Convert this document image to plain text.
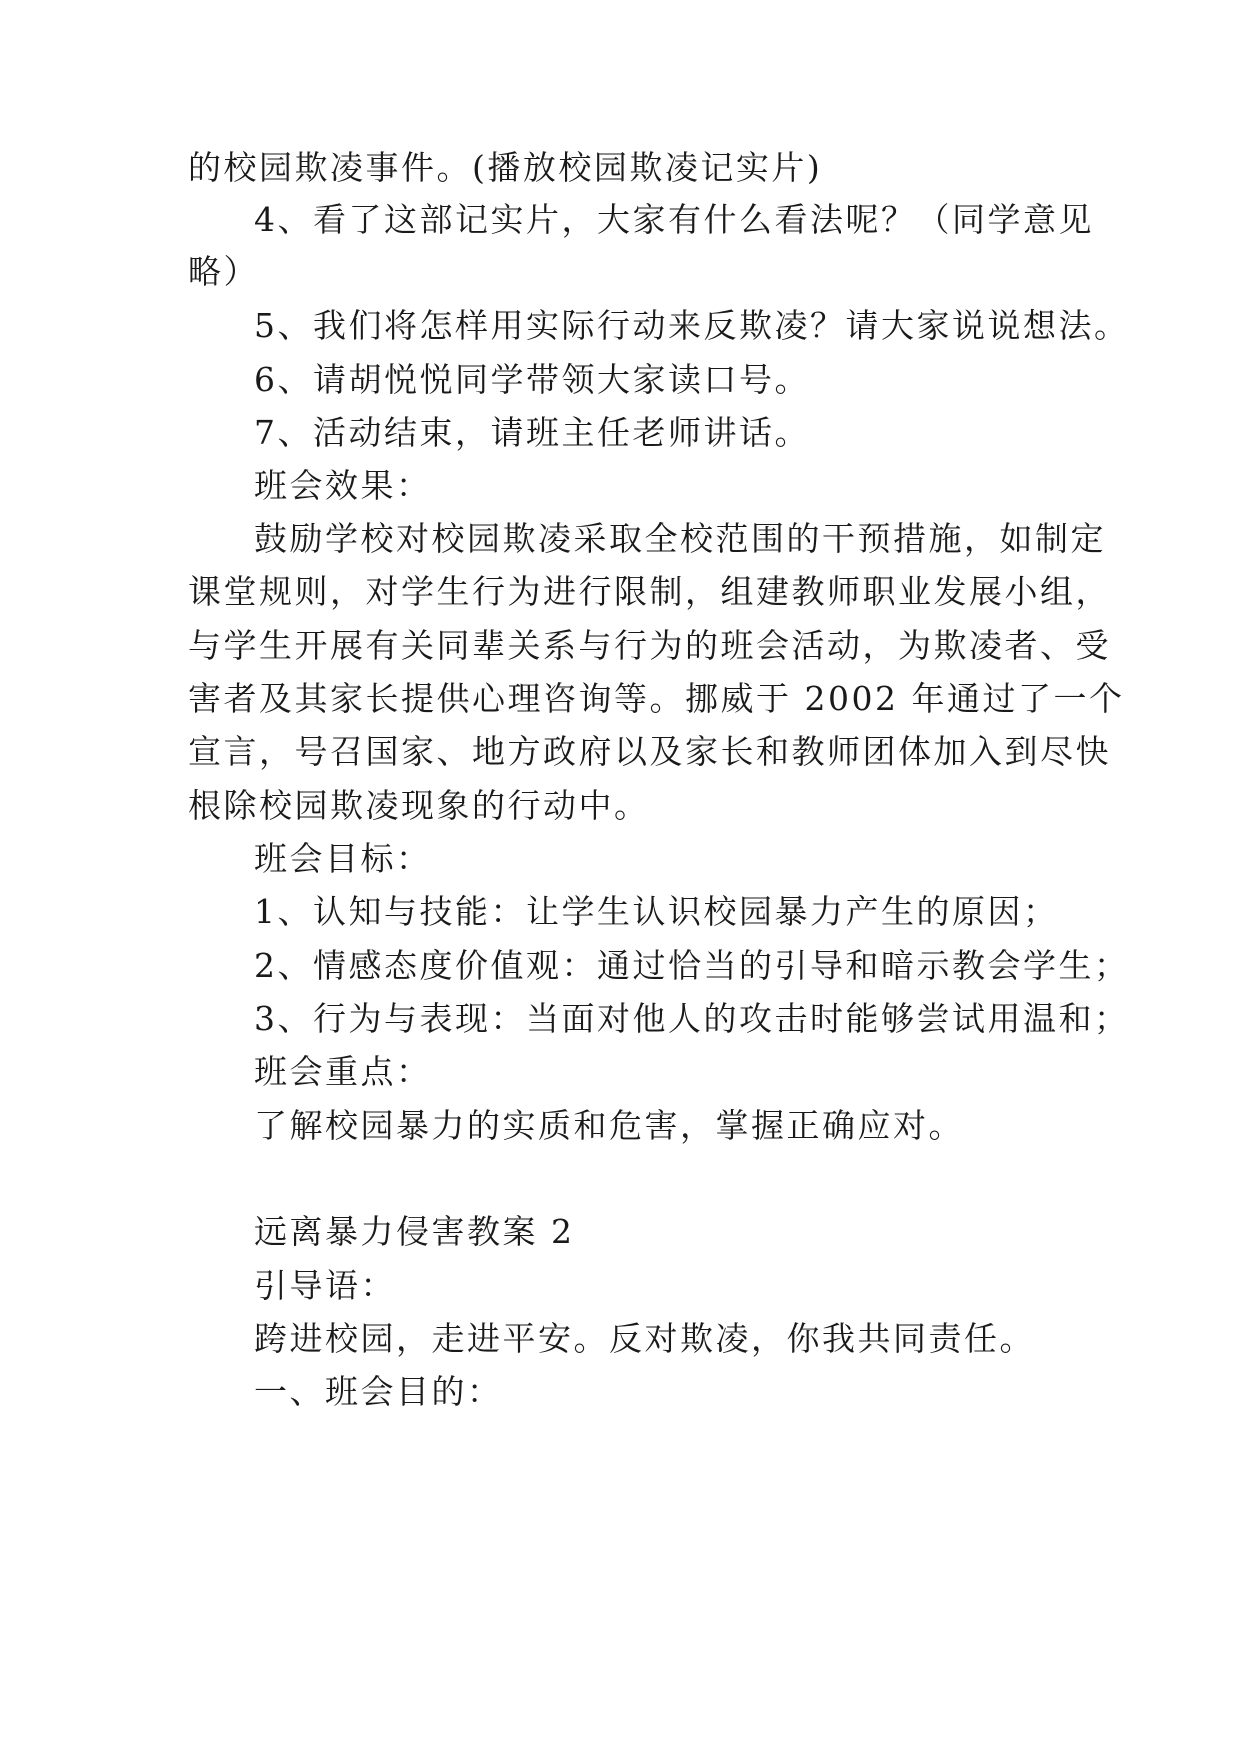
的校园欺凌事件。(播放校园欺凌记实片)
4、看了这部记实片，大家有什么看法呢？（同学意见
略）
5、我们将怎样用实际行动来反欺凌？请大家说说想法。
6、请胡悦悦同学带领大家读口号。
7、活动结束，请班主任老师讲话。
班会效果：
鼓励学校对校园欺凌采取全校范围的干预措施，如制定
课堂规则，对学生行为进行限制，组建教师职业发展小组，
与学生开展有关同辈关系与行为的班会活动，为欺凌者、受
害者及其家长提供心理咨询等。挪威于 2002 年通过了一个
宣言，号召国家、地方政府以及家长和教师团体加入到尽快
根除校园欺凌现象的行动中。
班会目标：
1、认知与技能：让学生认识校园暴力产生的原因；
2、情感态度价值观：通过恰当的引导和暗示教会学生；
3、行为与表现：当面对他人的攻击时能够尝试用温和；
班会重点：
了解校园暴力的实质和危害，掌握正确应对。
远离暴力侵害教案 2
引导语：
跨进校园，走进平安。反对欺凌，你我共同责任。
一、班会目的：
